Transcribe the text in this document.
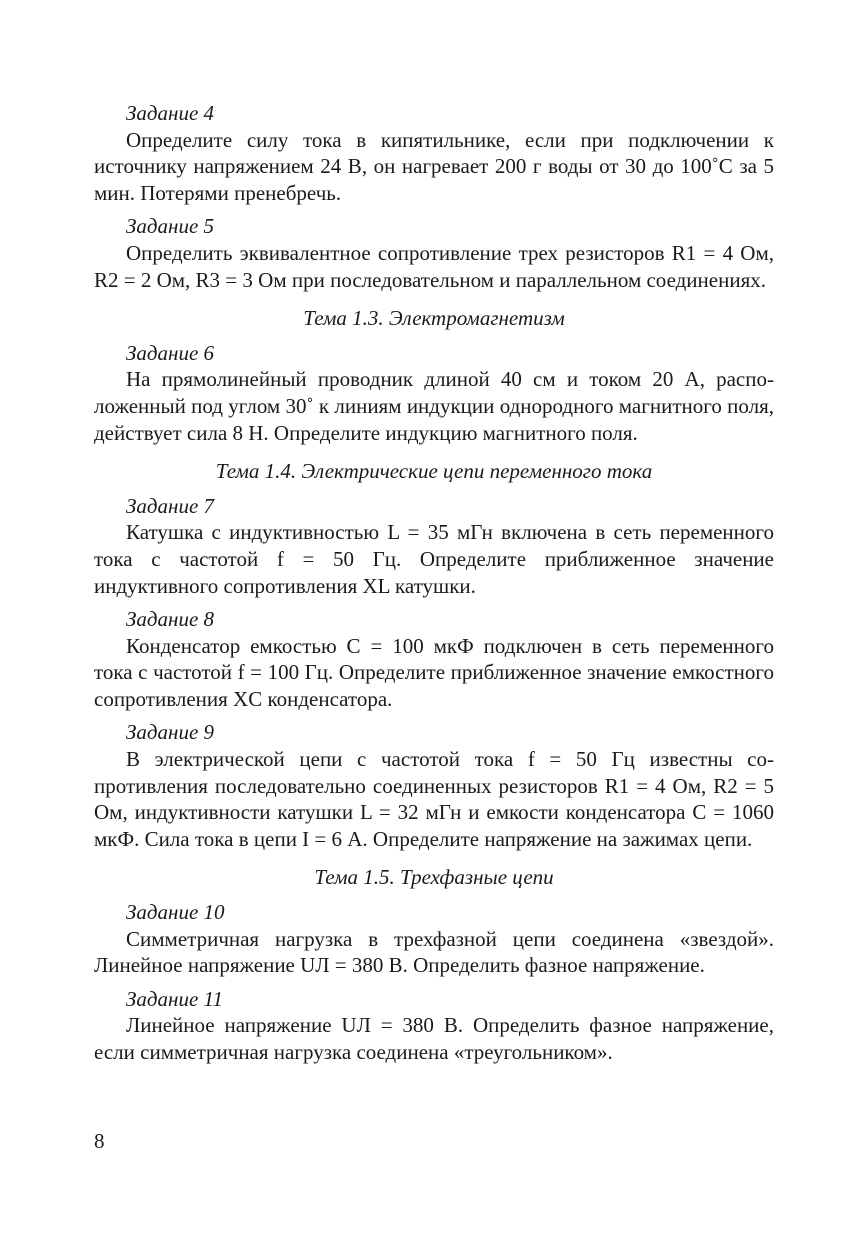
Задание 4

Определите силу тока в кипятильнике, если при подключении к источнику напряжением 24 В, он нагревает 200 г воды от 30 до 100˚С за 5 мин. Потерями пренебречь.

Задание 5

Определить эквивалентное сопротивление трех резисторов R1 = 4 Ом, R2 = 2 Ом, R3 = 3 Ом при последовательном и параллельном соединениях.

Тема 1.3. Электромагнетизм

Задание 6

На прямолинейный проводник длиной 40 см и током 20 А, расположенный под углом 30˚ к линиям индукции однородного магнитного поля, действует сила 8 Н. Определите индукцию магнитного поля.

Тема 1.4. Электрические цепи переменного тока

Задание 7

Катушка с индуктивностью L = 35 мГн включена в сеть переменного тока с частотой f = 50 Гц. Определите приближенное значение индуктивного сопротивления XL катушки.

Задание 8

Конденсатор емкостью C = 100 мкФ подключен в сеть переменного тока с частотой f = 100 Гц. Определите приближенное значение емкостного сопротивления XС конденсатора.

Задание 9

В электрической цепи с частотой тока f = 50 Гц известны сопротивления последовательно соединенных резисторов R1 = 4 Ом, R2 = 5 Ом, индуктивности катушки L = 32 мГн и емкости конденсатора C = 1060 мкФ. Сила тока в цепи I = 6 А. Определите напряжение на зажимах цепи.

Тема 1.5. Трехфазные цепи

Задание 10

Симметричная нагрузка в трехфазной цепи соединена «звездой». Линейное напряжение UЛ = 380 В. Определить фазное напряжение.

Задание 11

Линейное напряжение UЛ = 380 В. Определить фазное напряжение, если симметричная нагрузка соединена «треугольником».

8
